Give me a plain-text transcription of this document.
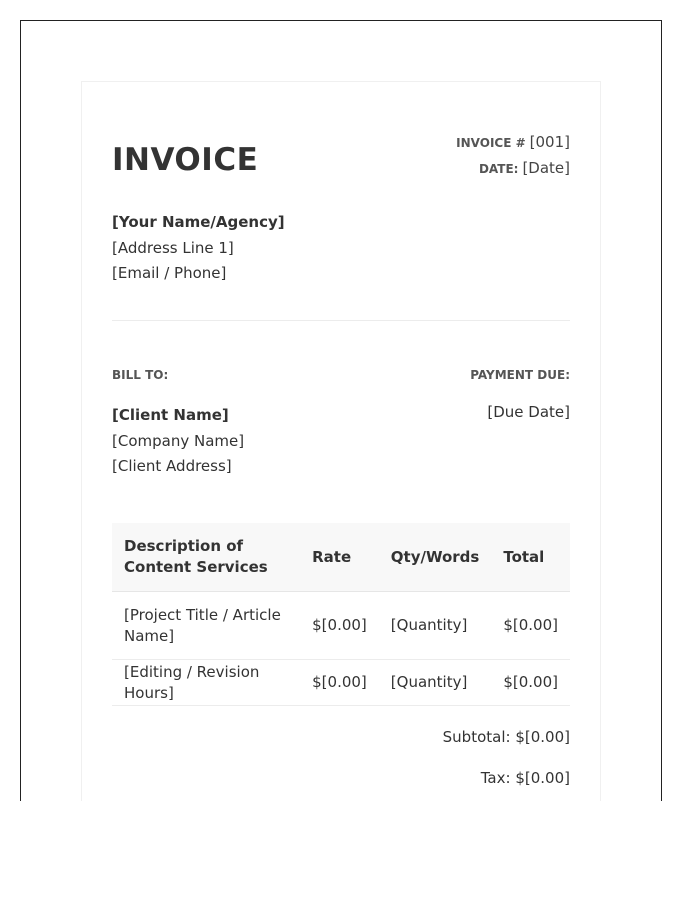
INVOICE	INVOICE # [001]
DATE: [Date]
[Your Name/Agency]
[Address Line 1]
[Email / Phone]
BILL TO:	PAYMENT DUE:
[Client Name]
[Company Name]
[Client Address]
[Due Date]
Description of Content Services	Rate	Qty/Words	Total
[Project Title / Article Name]	$[0.00]	[Quantity]	$[0.00]
[Editing / Revision Hours]	$[0.00]	[Quantity]	$[0.00]
Subtotal: $[0.00]
Tax: $[0.00]
